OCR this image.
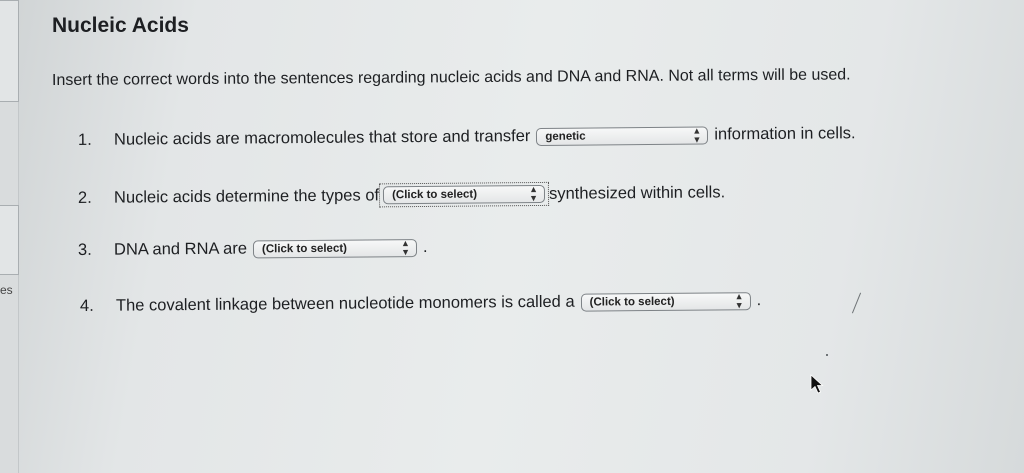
es
Nucleic Acids
Insert the correct words into the sentences regarding nucleic acids and DNA and RNA. Not all terms will be used.
1.	Nucleic acids are macromolecules that store and transfer genetic	▲
▼ information in cells.
2.	Nucleic acids determine the types of (Click to select)	▲
▼ synthesized within cells.
3.	DNA and RNA are (Click to select)	▲
▼ .
4.	The covalent linkage between nucleotide monomers is called a (Click to select)	▲
▼ .
